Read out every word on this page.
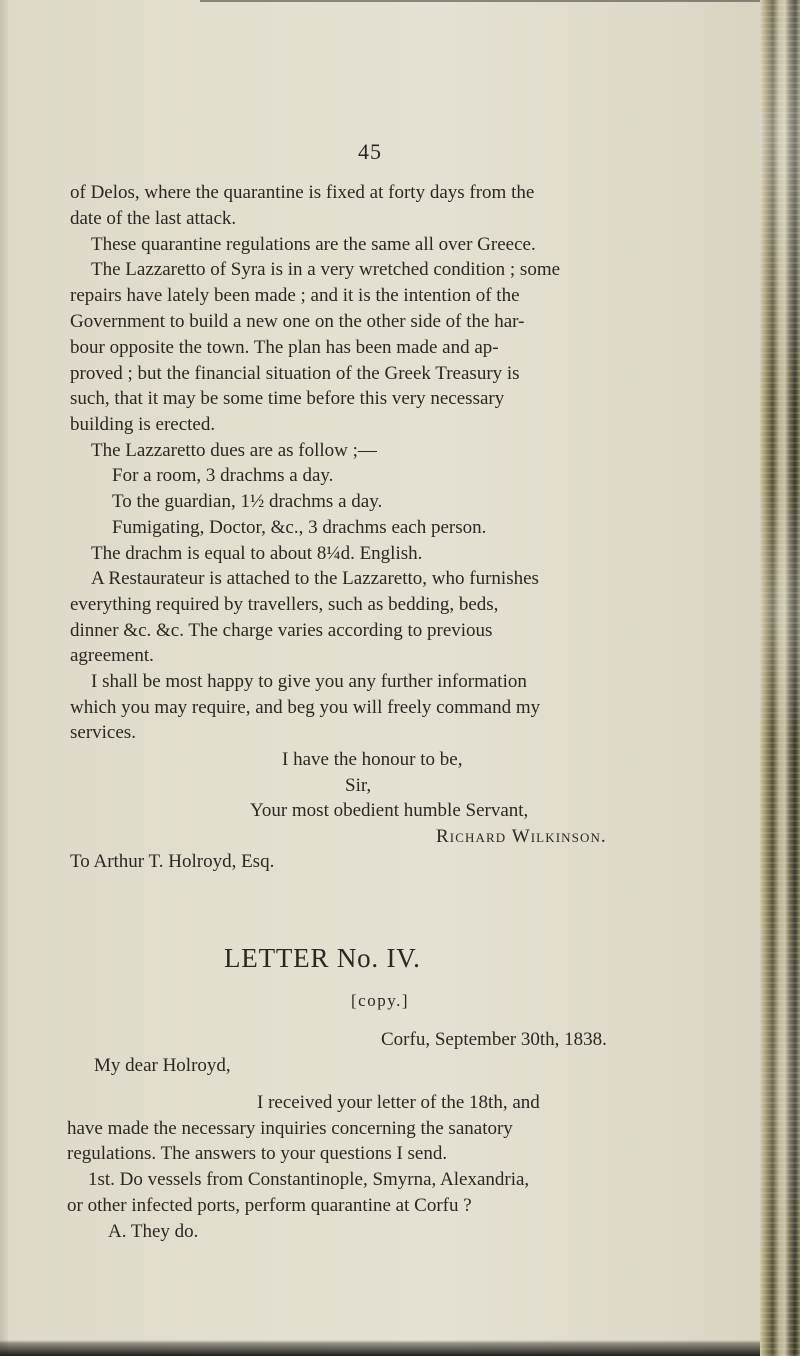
45
of Delos, where the quarantine is fixed at forty days from the
date of the last attack.
These quarantine regulations are the same all over Greece.
The Lazzaretto of Syra is in a very wretched condition ; some
repairs have lately been made ; and it is the intention of the
Government to build a new one on the other side of the har-
bour opposite the town. The plan has been made and ap-
proved ; but the financial situation of the Greek Treasury is
such, that it may be some time before this very necessary
building is erected.
The Lazzaretto dues are as follow ;—
For a room, 3 drachms a day.
To the guardian, 1½ drachms a day.
Fumigating, Doctor, &c., 3 drachms each person.
The drachm is equal to about 8¼d. English.
A Restaurateur is attached to the Lazzaretto, who furnishes
everything required by travellers, such as bedding, beds,
dinner &c. &c. The charge varies according to previous
agreement.
I shall be most happy to give you any further information
which you may require, and beg you will freely command my
services.
I have the honour to be,
Sir,
Your most obedient humble Servant,
Richard Wilkinson.
To Arthur T. Holroyd, Esq.
LETTER No. IV.
[copy.]
Corfu, September 30th, 1838.
My dear Holroyd,
I received your letter of the 18th, and
have made the necessary inquiries concerning the sanatory
regulations. The answers to your questions I send.
1st. Do vessels from Constantinople, Smyrna, Alexandria,
or other infected ports, perform quarantine at Corfu ?
A. They do.
